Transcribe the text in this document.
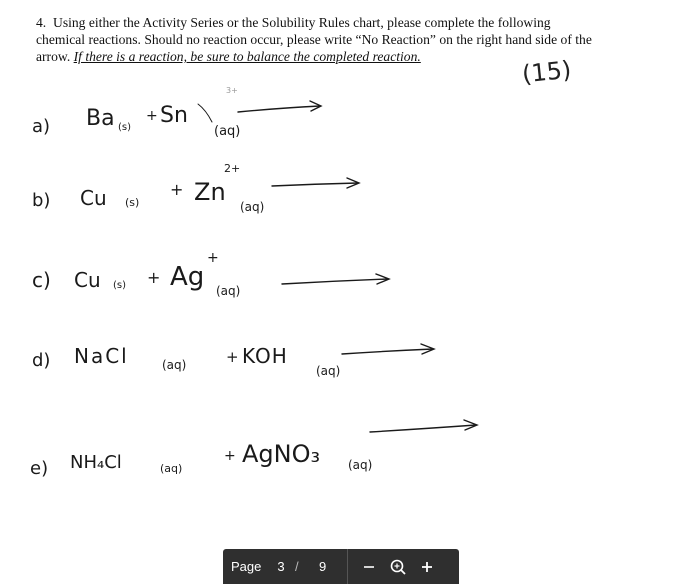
4. Using either the Activity Series or the Solubility Rules chart, please complete the following
chemical reactions. Should no reaction occur, please write “No Reaction” on the right hand side of the
arrow. If there is a reaction, be sure to balance the completed reaction.	(15)
a) Ba (s)
+ Sn
3+
(aq)
b) Cu (s)
+
2+
Zn
(aq)
c) Cu (s) +
+
Ag (aq)
d) NaCl	(aq)	+ KOH
(aq)
e) NH₄Cl	(aq)
+ AgNO₃ (aq)
Page 3 / 9
